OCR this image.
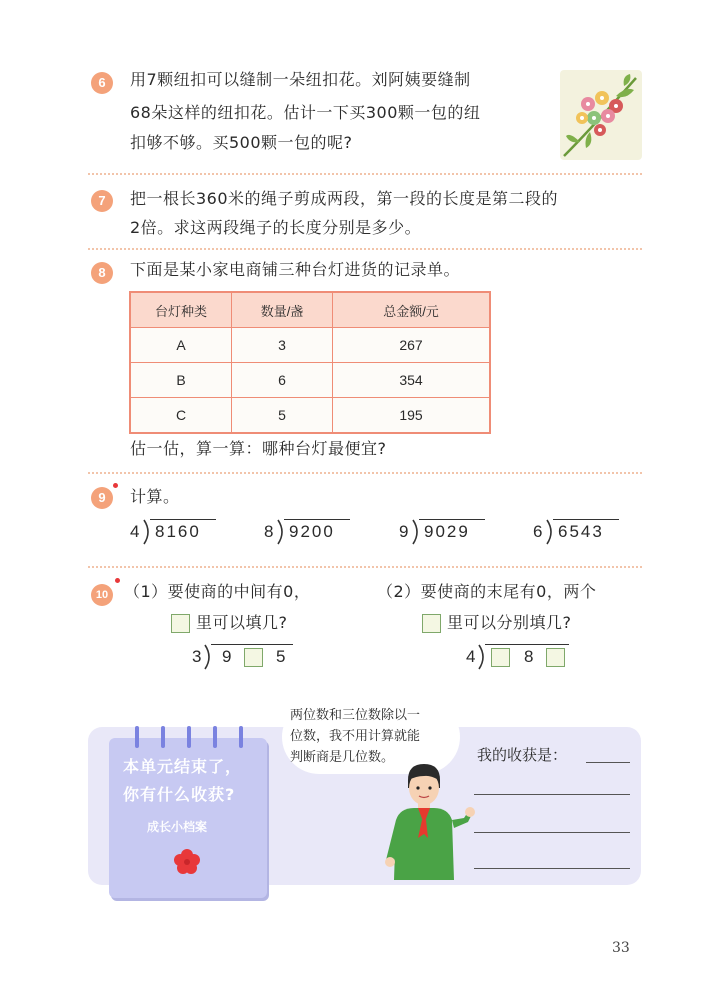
6	用7颗纽扣可以缝制一朵纽扣花。刘阿姨要缝制
68朵这样的纽扣花。估计一下买300颗一包的纽
扣够不够。买500颗一包的呢?
7	把一根长360米的绳子剪成两段，第一段的长度是第二段的
2倍。求这两段绳子的长度分别是多少。
8	下面是某小家电商铺三种台灯进货的记录单。
台灯种类	数量/盏	总金额/元
A	3	267
B	6	354
C	5	195
估一估，算一算：哪种台灯最便宜?
9	计算。
4 8160	8 9200	9 9029	6 6543
10 （1）要使商的中间有0，
里可以填几?
3 9	5
（2）要使商的末尾有0，两个
里可以分别填几?
4	8
本单元结束了，
你有什么收获?
成长小档案
两位数和三位数除以一
位数，我不用计算就能
判断商是几位数。	我的收获是：
33
